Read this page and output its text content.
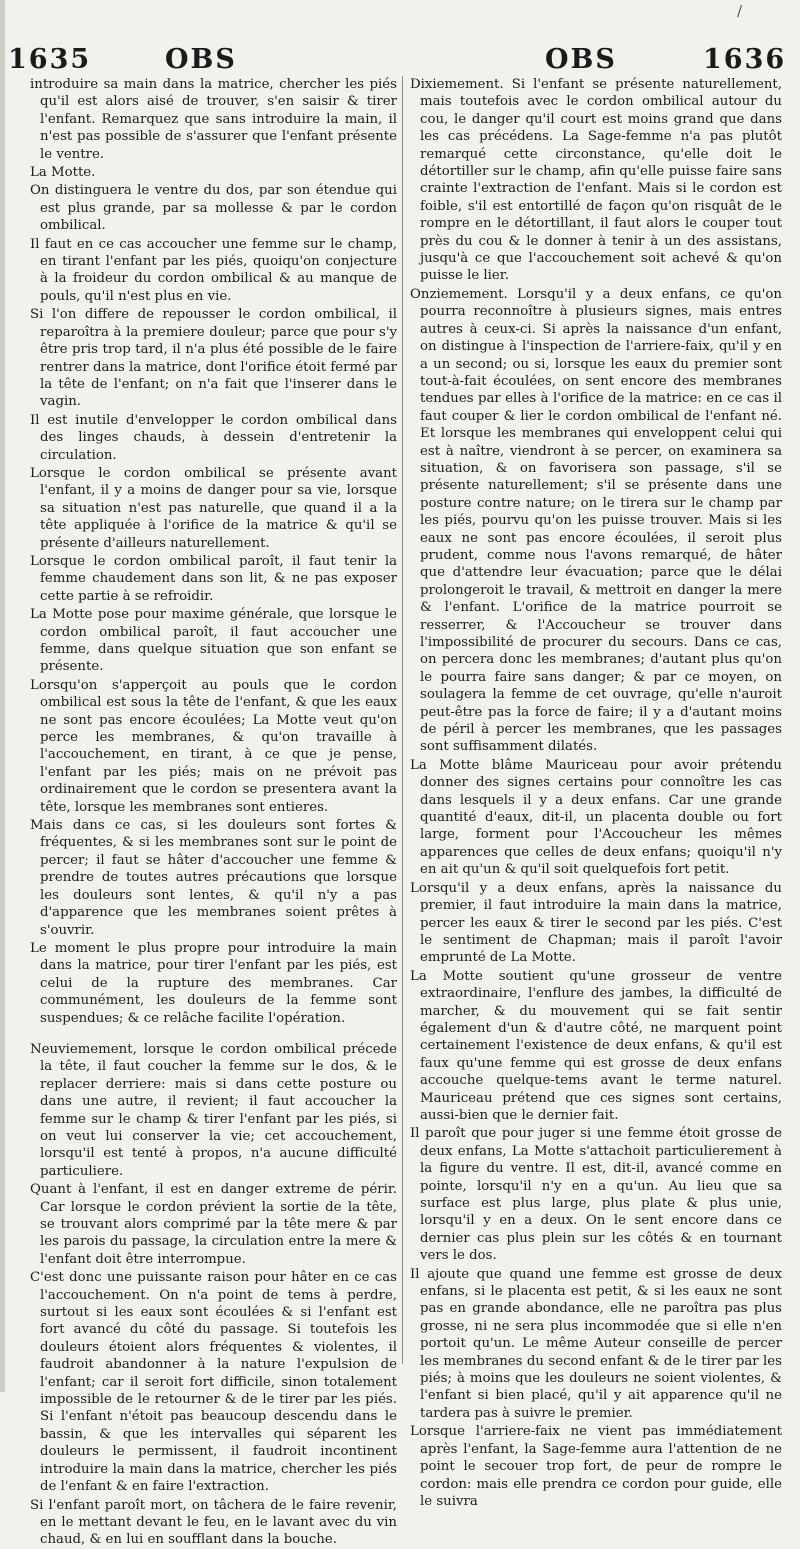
/
1635	OBS	OBS	1636

introduire sa main dans la matrice, chercher les piés qu'il est alors aisé de trouver, s'en saisir & tirer l'enfant. Remarquez que sans introduire la main, il n'est pas possible de s'assurer que l'enfant présente le ventre.

La Motte.

On distinguera le ventre du dos, par son étendue qui est plus grande, par sa mollesse & par le cordon ombilical.

Il faut en ce cas accoucher une femme sur le champ, en tirant l'enfant par les piés, quoiqu'on conjecture à la froideur du cordon ombilical & au manque de pouls, qu'il n'est plus en vie.

Si l'on differe de repousser le cordon ombilical, il reparoîtra à la premiere douleur; parce que pour s'y être pris trop tard, il n'a plus été possible de le faire rentrer dans la matrice, dont l'orifice étoit fermé par la tête de l'enfant; on n'a fait que l'inserer dans le vagin.

Il est inutile d'envelopper le cordon ombilical dans des linges chauds, à dessein d'entretenir la circulation.

Lorsque le cordon ombilical se présente avant l'enfant, il y a moins de danger pour sa vie, lorsque sa situation n'est pas naturelle, que quand il a la tête appliquée à l'orifice de la matrice & qu'il se présente d'ailleurs naturellement.

Lorsque le cordon ombilical paroît, il faut tenir la femme chaudement dans son lit, & ne pas exposer cette partie à se refroidir.

La Motte pose pour maxime générale, que lorsque le cordon ombilical paroît, il faut accoucher une femme, dans quelque situation que son enfant se présente.

Lorsqu'on s'apperçoit au pouls que le cordon ombilical est sous la tête de l'enfant, & que les eaux ne sont pas encore écoulées; La Motte veut qu'on perce les membranes, & qu'on travaille à l'accouchement, en tirant, à ce que je pense, l'enfant par les piés; mais on ne prévoit pas ordinairement que le cordon se presentera avant la tête, lorsque les membranes sont entieres.

Mais dans ce cas, si les douleurs sont fortes & fréquentes, & si les membranes sont sur le point de percer; il faut se hâter d'accoucher une femme & prendre de toutes autres précautions que lorsque les douleurs sont lentes, & qu'il n'y a pas d'apparence que les membranes soient prêtes à s'ouvrir.

Le moment le plus propre pour introduire la main dans la matrice, pour tirer l'enfant par les piés, est celui de la rupture des membranes. Car communément, les douleurs de la femme sont suspendues; & ce relâche facilite l'opération.

Neuviemement, lorsque le cordon ombilical précede la tête, il faut coucher la femme sur le dos, & le replacer derriere: mais si dans cette posture ou dans une autre, il revient; il faut accoucher la femme sur le champ & tirer l'enfant par les piés, si on veut lui conserver la vie; cet accouchement, lorsqu'il est tenté à propos, n'a aucune difficulté particuliere.

Quant à l'enfant, il est en danger extreme de périr. Car lorsque le cordon prévient la sortie de la tête, se trouvant alors comprimé par la tête mere & par les parois du passage, la circulation entre la mere & l'enfant doit être interrompue.

C'est donc une puissante raison pour hâter en ce cas l'accouchement. On n'a point de tems à perdre, surtout si les eaux sont écoulées & si l'enfant est fort avancé du côté du passage. Si toutefois les douleurs étoient alors fréquentes & violentes, il faudroit abandonner à la nature l'expulsion de l'enfant; car il seroit fort difficile, sinon totalement impossible de le retourner & de le tirer par les piés. Si l'enfant n'étoit pas beaucoup descendu dans le bassin, & que les intervalles qui séparent les douleurs le permissent, il faudroit incontinent introduire la main dans la matrice, chercher les piés de l'enfant & en faire l'extraction.

Si l'enfant paroît mort, on tâchera de le faire revenir, en le mettant devant le feu, en le lavant avec du vin chaud, & en lui en soufflant dans la bouche.

Dixiemement. Si l'enfant se présente naturellement, mais toutefois avec le cordon ombilical autour du cou, le danger qu'il court est moins grand que dans les cas précédens. La Sage-femme n'a pas plutôt remarqué cette circonstance, qu'elle doit le détortiller sur le champ, afin qu'elle puisse faire sans crainte l'extraction de l'enfant. Mais si le cordon est foible, s'il est entortillé de façon qu'on risquât de le rompre en le détortillant, il faut alors le couper tout près du cou & le donner à tenir à un des assistans, jusqu'à ce que l'accouchement soit achevé & qu'on puisse le lier.

Onziemement. Lorsqu'il y a deux enfans, ce qu'on pourra reconnoître à plusieurs signes, mais entres autres à ceux-ci. Si après la naissance d'un enfant, on distingue à l'inspection de l'arriere-faix, qu'il y en a un second; ou si, lorsque les eaux du premier sont tout-à-fait écoulées, on sent encore des membranes tendues par elles à l'orifice de la matrice: en ce cas il faut couper & lier le cordon ombilical de l'enfant né. Et lorsque les membranes qui enveloppent celui qui est à naître, viendront à se percer, on examinera sa situation, & on favorisera son passage, s'il se présente naturellement; s'il se présente dans une posture contre nature; on le tirera sur le champ par les piés, pourvu qu'on les puisse trouver. Mais si les eaux ne sont pas encore écoulées, il seroit plus prudent, comme nous l'avons remarqué, de hâter que d'attendre leur évacuation; parce que le délai prolongeroit le travail, & mettroit en danger la mere & l'enfant. L'orifice de la matrice pourroit se resserrer, & l'Accoucheur se trouver dans l'impossibilité de procurer du secours. Dans ce cas, on percera donc les membranes; d'autant plus qu'on le pourra faire sans danger; & par ce moyen, on soulagera la femme de cet ouvrage, qu'elle n'auroit peut-être pas la force de faire; il y a d'autant moins de péril à percer les membranes, que les passages sont suffisamment dilatés.

La Motte blâme Mauriceau pour avoir prétendu donner des signes certains pour connoître les cas dans lesquels il y a deux enfans. Car une grande quantité d'eaux, dit-il, un placenta double ou fort large, forment pour l'Accoucheur les mêmes apparences que celles de deux enfans; quoiqu'il n'y en ait qu'un & qu'il soit quelquefois fort petit.

Lorsqu'il y a deux enfans, après la naissance du premier, il faut introduire la main dans la matrice, percer les eaux & tirer le second par les piés. C'est le sentiment de Chapman; mais il paroît l'avoir emprunté de La Motte.

La Motte soutient qu'une grosseur de ventre extraordinaire, l'enflure des jambes, la difficulté de marcher, & du mouvement qui se fait sentir également d'un & d'autre côté, ne marquent point certainement l'existence de deux enfans, & qu'il est faux qu'une femme qui est grosse de deux enfans accouche quelque-tems avant le terme naturel. Mauriceau prétend que ces signes sont certains, aussi-bien que le dernier fait.

Il paroît que pour juger si une femme étoit grosse de deux enfans, La Motte s'attachoit particulierement à la figure du ventre. Il est, dit-il, avancé comme en pointe, lorsqu'il n'y en a qu'un. Au lieu que sa surface est plus large, plus plate & plus unie, lorsqu'il y en a deux. On le sent encore dans ce dernier cas plus plein sur les côtés & en tournant vers le dos.

Il ajoute que quand une femme est grosse de deux enfans, si le placenta est petit, & si les eaux ne sont pas en grande abondance, elle ne paroîtra pas plus grosse, ni ne sera plus incommodée que si elle n'en portoit qu'un. Le même Auteur conseille de percer les membranes du second enfant & de le tirer par les piés; à moins que les douleurs ne soient violentes, & l'enfant si bien placé, qu'il y ait apparence qu'il ne tardera pas à suivre le premier.

Lorsque l'arriere-faix ne vient pas immédiatement après l'enfant, la Sage-femme aura l'attention de ne point le secouer trop fort, de peur de rompre le cordon: mais elle prendra ce cordon pour guide, elle le suivra
